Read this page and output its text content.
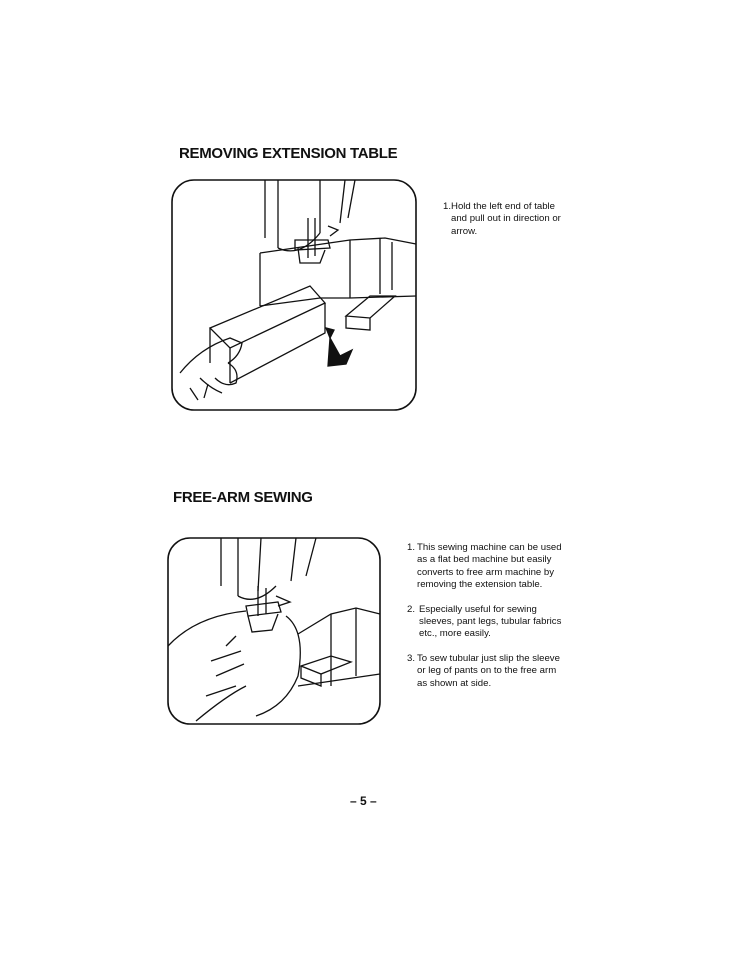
REMOVING EXTENSION TABLE
1. Hold the left end of table
and pull out in direction or
arrow.
FREE-ARM SEWING
1. This sewing machine can be used
as a flat bed machine but easily
converts to free arm machine by
removing the extension table.
2. Especially useful for sewing
sleeves, pant legs, tubular fabrics
etc., more easily.
3. To sew tubular just slip the sleeve
or leg of pants on to the free arm
as shown at side.
– 5 –
